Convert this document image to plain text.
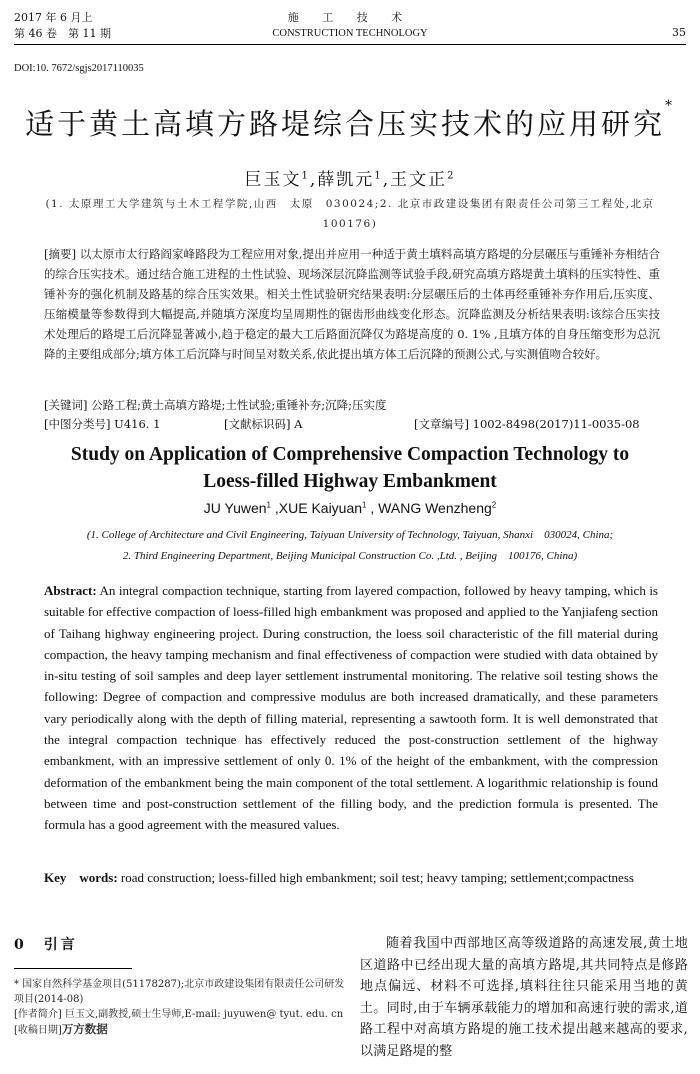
2017 年 6 月上
第 46 卷　第 11 期
施 工 技 术
CONSTRUCTION TECHNOLOGY	35
DOI:10. 7672/sgjs2017110035
适于黄土高填方路堤综合压实技术的应用研究*
巨玉文$^1$,薛凯元$^1$,王文正$^2$
(1. 太原理工大学建筑与土木工程学院,山西　太原　030024;2. 北京市政建设集团有限责任公司第三工程处,北京　100176)
[摘要] 以太原市太行路阎家峰路段为工程应用对象,提出并应用一种适于黄土填料高填方路堤的分层碾压与重锤补夯相结合的综合压实技术。通过结合施工进程的土性试验、现场深层沉降监测等试验手段,研究高填方路堤黄土填料的压实特性、重锤补夯的强化机制及路基的综合压实效果。相关土性试验研究结果表明:分层碾压后的土体再经重锤补夯作用后,压实度、压缩模量等参数得到大幅提高,并随填方深度均呈周期性的锯齿形曲线变化形态。沉降监测及分析结果表明:该综合压实技术处理后的路堤工后沉降显著减小,趋于稳定的最大工后路面沉降仅为路堤高度的 0. 1% ,且填方体的自身压缩变形为总沉降的主要组成部分;填方体工后沉降与时间呈对数关系,依此提出填方体工后沉降的预测公式,与实测值吻合较好。
[关键词] 公路工程;黄土高填方路堤;土性试验;重锤补夯;沉降;压实度
[中图分类号] U416. 1	[文献标识码] A	[文章编号] 1002-8498(2017)11-0035-08
Study on Application of Comprehensive Compaction Technology to
Loess-filled Highway Embankment
JU Yuwen$^1$ ,XUE Kaiyuan$^1$ , WANG Wenzheng$^2$
(1. College of Architecture and Civil Engineering, Taiyuan University of Technology, Taiyuan, Shanxi　030024, China;
2. Third Engineering Department, Beijing Municipal Construction Co. ,Ltd. , Beijing　100176, China)
Abstract: An integral compaction technique, starting from layered compaction, followed by heavy tamping, which is suitable for effective compaction of loess-filled high embankment was proposed and applied to the Yanjiafeng section of Taihang highway engineering project. During construction, the loess soil characteristic of the fill material during compaction, the heavy tamping mechanism and final effectiveness of compaction were studied with data obtained by in-situ testing of soil samples and deep layer settlement instrumental monitoring. The relative soil testing shows the following: Degree of compaction and compressive modulus are both increased dramatically, and these parameters vary periodically along with the depth of filling material, representing a sawtooth form. It is well demonstrated that the integral compaction technique has effectively reduced the post-construction settlement of the highway embankment, with an impressive settlement of only 0. 1% of the height of the embankment, with the compression deformation of the embankment being the main component of the total settlement. A logarithmic relationship is found between time and post-construction settlement of the filling body, and the prediction formula is presented. The formula has a good agreement with the measured values.
Key　words: road construction; loess-filled high embankment; soil test; heavy tamping; settlement;compactness
0　引言
* 国家自然科学基金项目(51178287);北京市政建设集团有限责任公司研发项目(2014-08)
[作者简介] 巨玉文,副教授,硕士生导师,E-mail: juyuwen@ tyut. edu. cn
[收稿日期]万方数据
随着我国中西部地区高等级道路的高速发展,黄土地区道路中已经出现大量的高填方路堤,其共同特点是修路地点偏远、材料不可选择,填料往往只能采用当地的黄土。同时,由于车辆承载能力的增加和高速行驶的需求,道路工程中对高填方路堤的施工技术提出越来越高的要求,以满足路堤的整
